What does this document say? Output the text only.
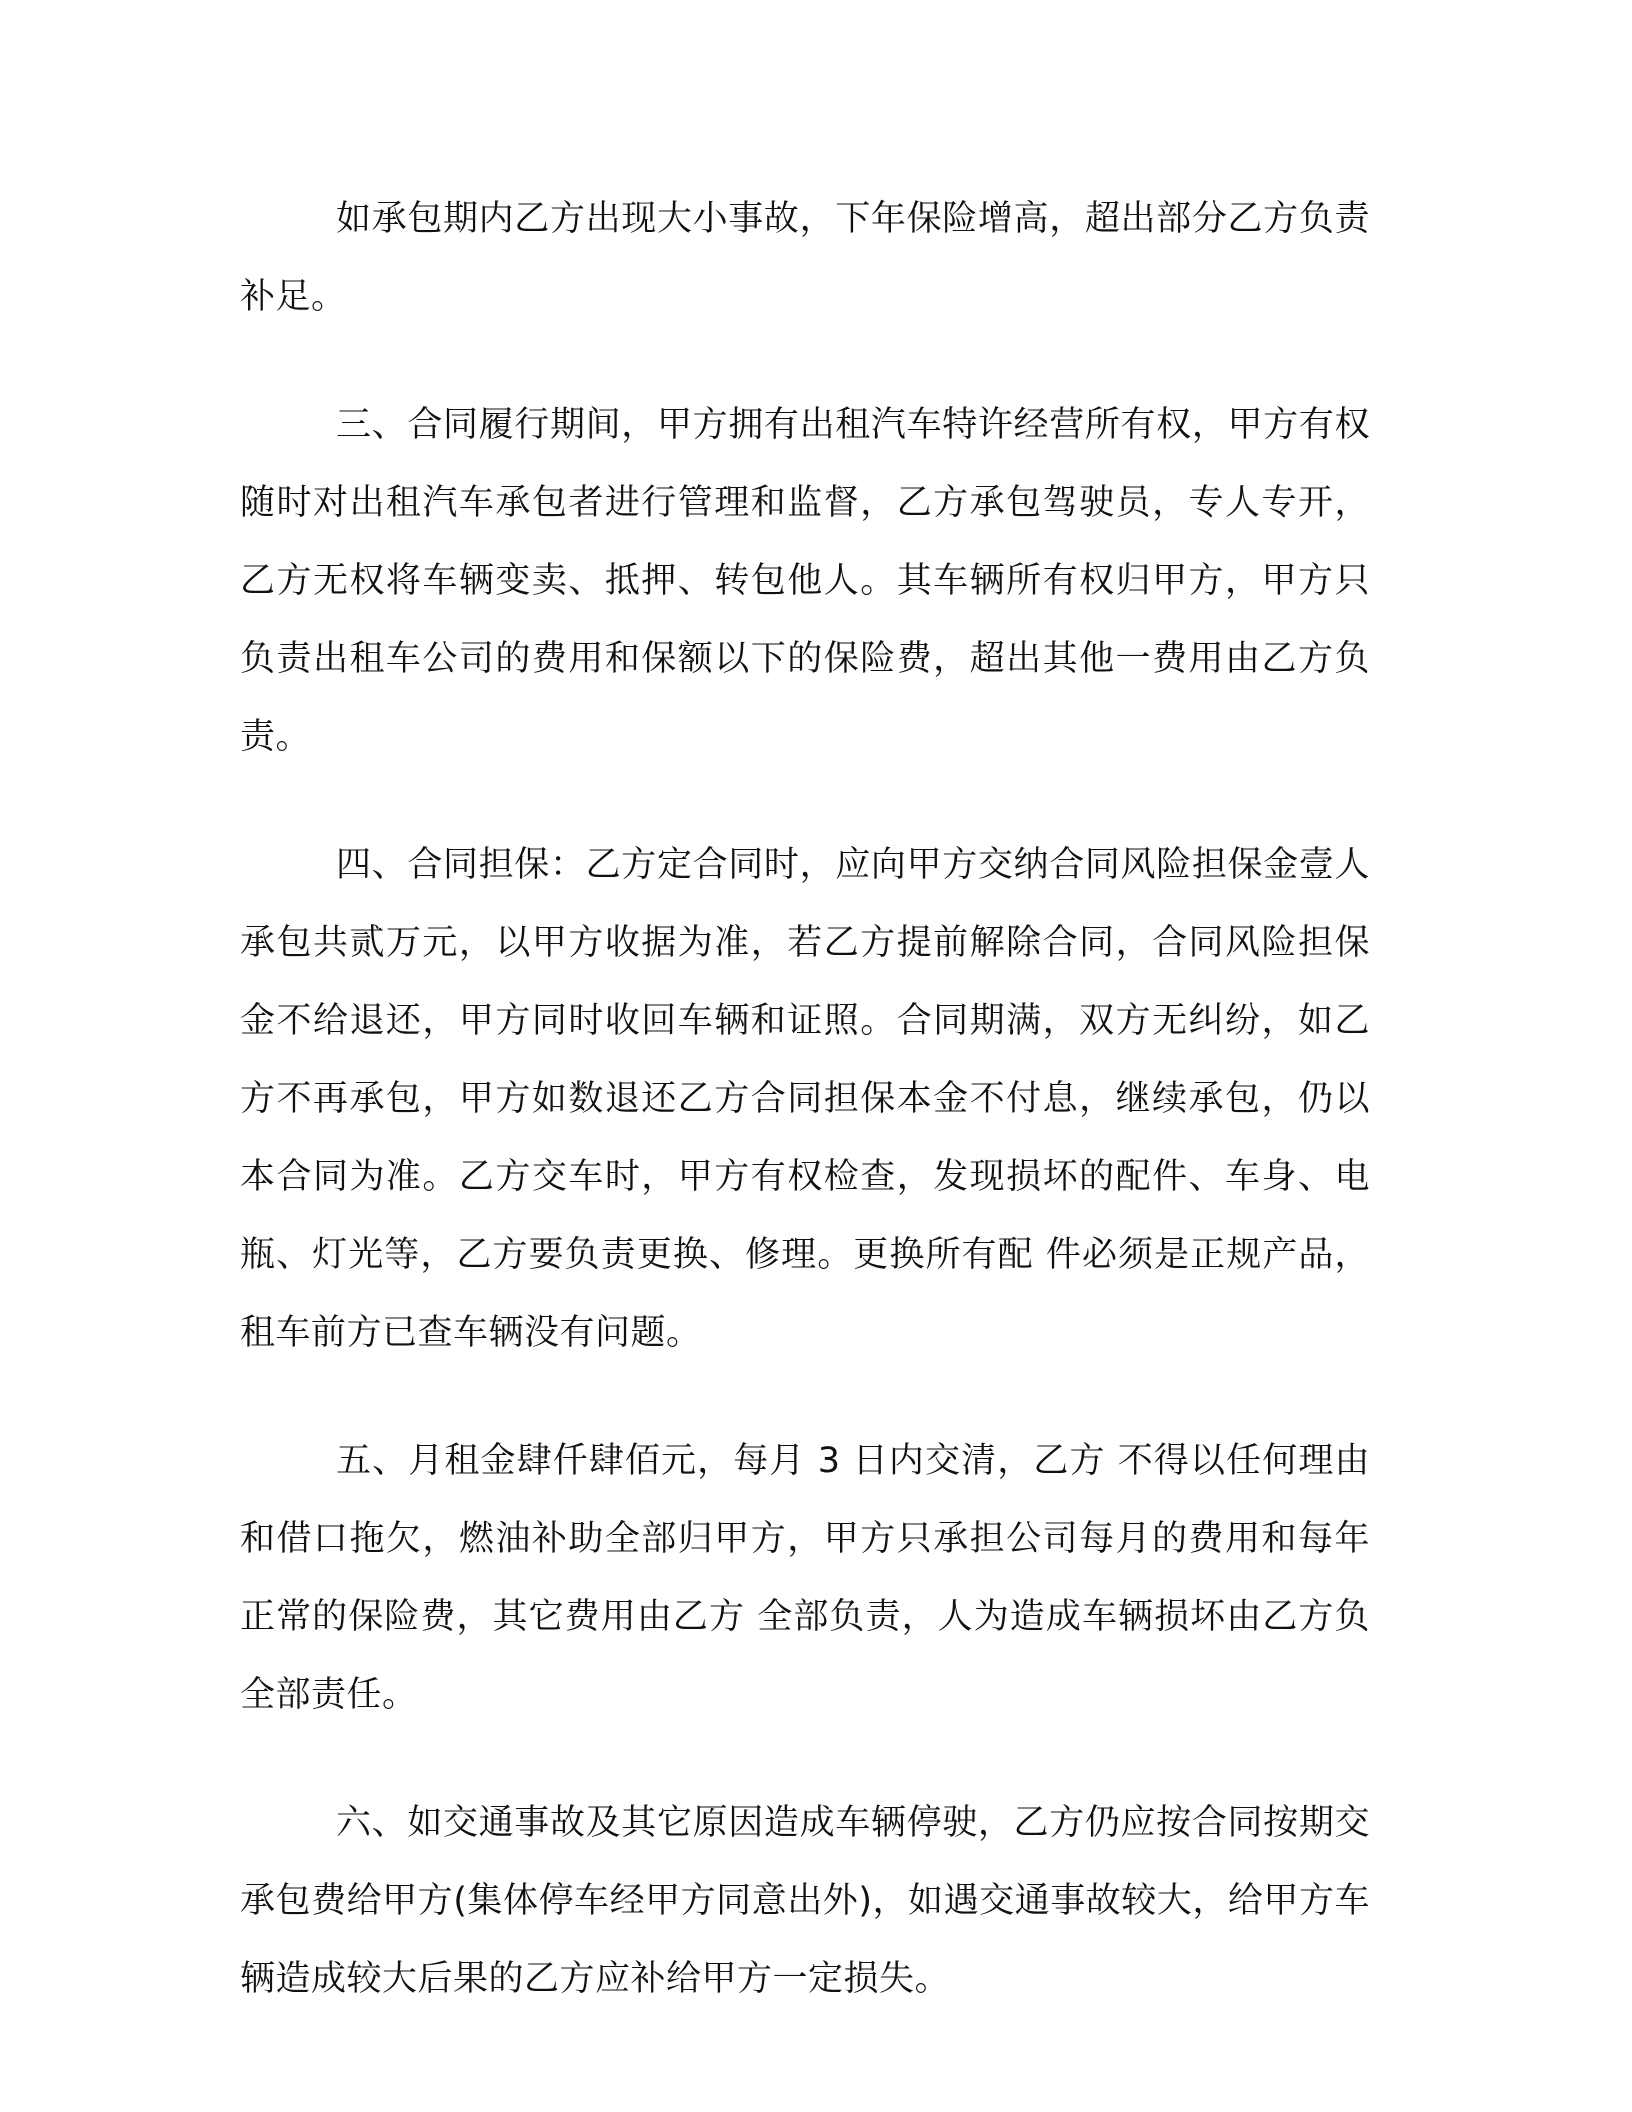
如承包期内乙方出现大小事故，下年保险增高，超出部分乙方负责补足。

三、合同履行期间，甲方拥有出租汽车特许经营所有权，甲方有权随时对出租汽车承包者进行管理和监督，乙方承包驾驶员，专人专开，乙方无权将车辆变卖、抵押、转包他人。其车辆所有权归甲方，甲方只负责出租车公司的费用和保额以下的保险费，超出其他一费用由乙方负责。

四、合同担保：乙方定合同时，应向甲方交纳合同风险担保金壹人承包共贰万元，以甲方收据为准，若乙方提前解除合同，合同风险担保金不给退还，甲方同时收回车辆和证照。合同期满，双方无纠纷，如乙方不再承包，甲方如数退还乙方合同担保本金不付息，继续承包，仍以本合同为准。乙方交车时，甲方有权检查，发现损坏的配件、车身、电瓶、灯光等，乙方要负责更换、修理。更换所有配 件必须是正规产品，租车前方已查车辆没有问题。

五、月租金肆仟肆佰元，每月 3 日内交清，乙方 不得以任何理由和借口拖欠，燃油补助全部归甲方，甲方只承担公司每月的费用和每年正常的保险费，其它费用由乙方 全部负责，人为造成车辆损坏由乙方负全部责任。

六、如交通事故及其它原因造成车辆停驶，乙方仍应按合同按期交承包费给甲方(集体停车经甲方同意出外)，如遇交通事故较大，给甲方车辆造成较大后果的乙方应补给甲方一定损失。
